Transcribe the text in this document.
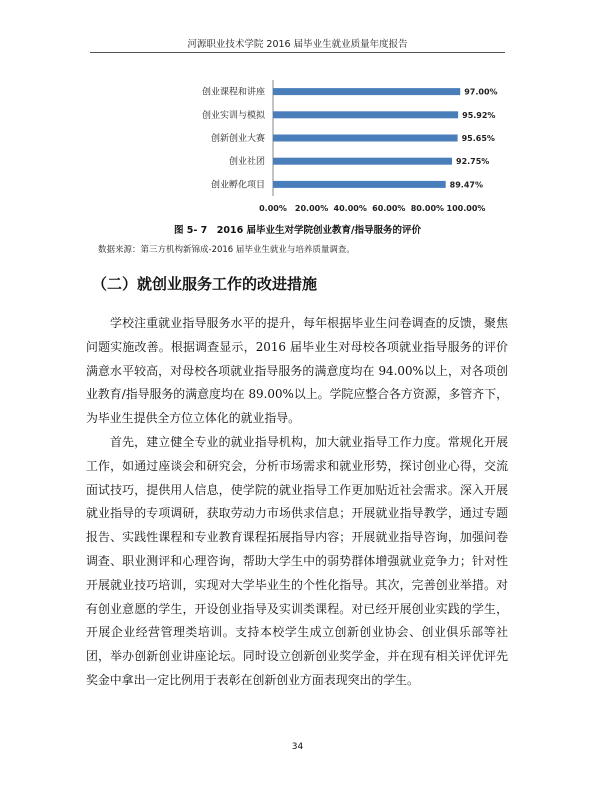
河源职业技术学院 2016 届毕业生就业质量年度报告
创业课程和讲座	97.00%
创业实训与模拟	95.92%
创新创业大赛	95.65%
创业社团	92.75%
创业孵化项目	89.47%
0.00% 20.00% 40.00% 60.00% 80.00% 100.00%
图 5- 7　2016 届毕业生对学院创业教育/指导服务的评价
数据来源：第三方机构新锦成-2016 届毕业生就业与培养质量调查。
（二）就创业服务工作的改进措施

学校注重就业指导服务水平的提升，每年根据毕业生问卷调查的反馈，聚焦问题实施改善。根据调查显示，2016 届毕业生对母校各项就业指导服务的评价满意水平较高，对母校各项就业指导服务的满意度均在 94.00%以上，对各项创业教育/指导服务的满意度均在 89.00%以上。学院应整合各方资源，多管齐下，为毕业生提供全方位立体化的就业指导。

首先，建立健全专业的就业指导机构，加大就业指导工作力度。常规化开展工作，如通过座谈会和研究会，分析市场需求和就业形势，探讨创业心得，交流面试技巧，提供用人信息，使学院的就业指导工作更加贴近社会需求。深入开展就业指导的专项调研，获取劳动力市场供求信息；开展就业指导教学，通过专题报告、实践性课程和专业教育课程拓展指导内容；开展就业指导咨询，加强问卷调查、职业测评和心理咨询，帮助大学生中的弱势群体增强就业竞争力；针对性开展就业技巧培训，实现对大学毕业生的个性化指导。其次，完善创业举措。对有创业意愿的学生，开设创业指导及实训类课程。对已经开展创业实践的学生，开展企业经营管理类培训。支持本校学生成立创新创业协会、创业俱乐部等社团，举办创新创业讲座论坛。同时设立创新创业奖学金，并在现有相关评优评先奖金中拿出一定比例用于表彰在创新创业方面表现突出的学生。

34
